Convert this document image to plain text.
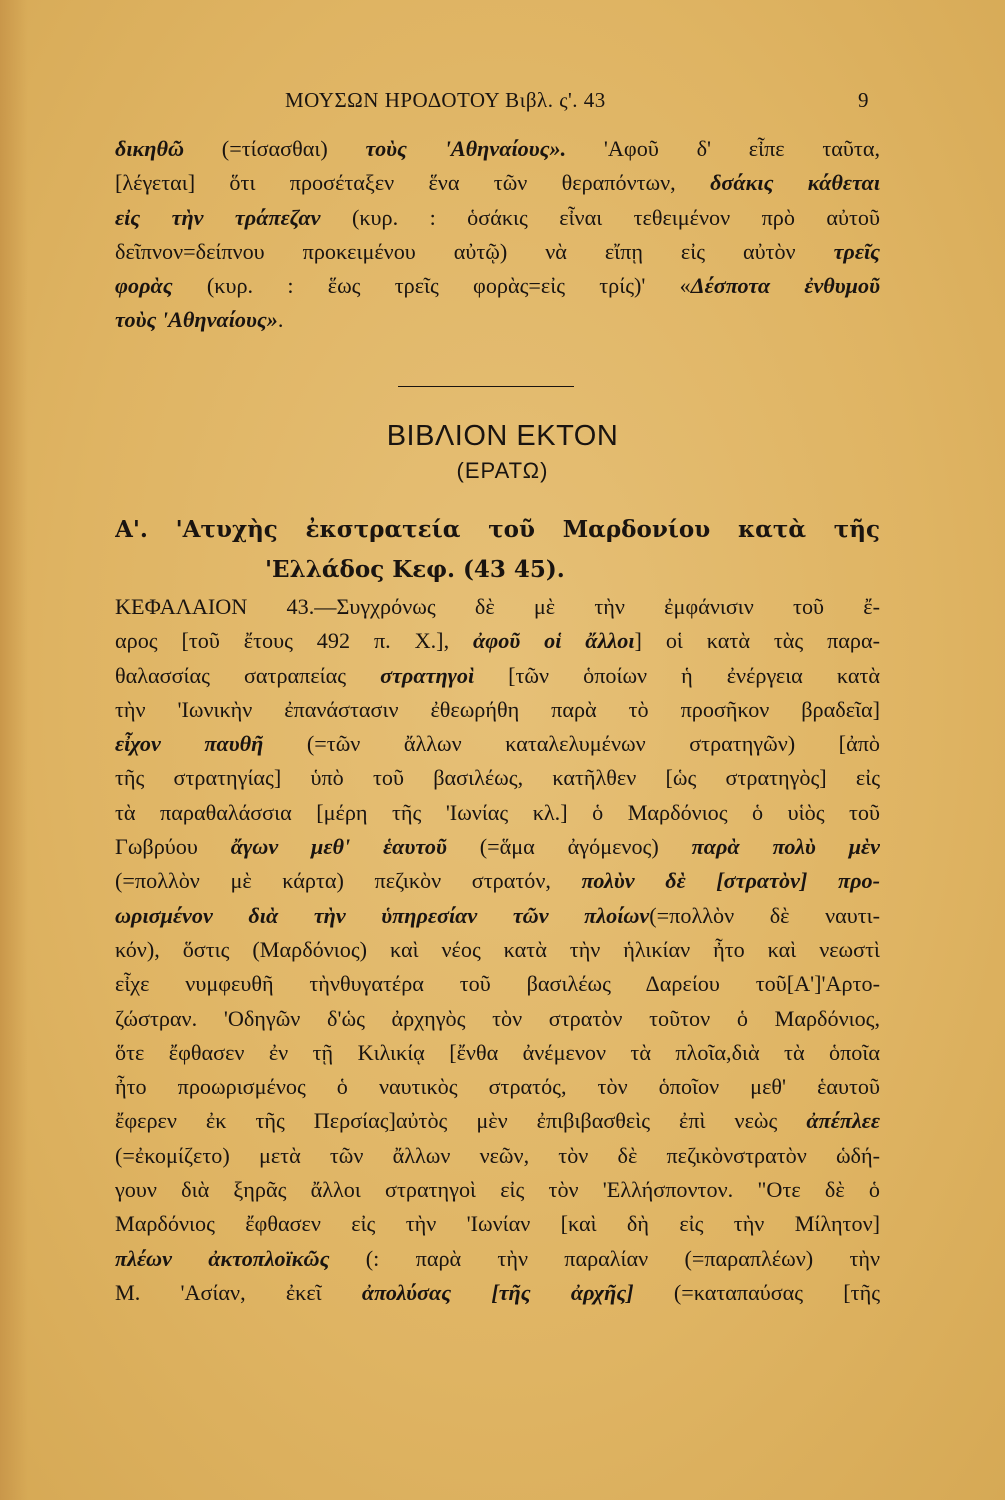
ΜΟΥΣΩΝ ΗΡΟΔΟΤΟΥ Βιβλ. ς'. 43	9
δικηθῶ (=τίσασθαι) τοὺς 'Αθηναίους». 'Αφοῦ δ' εἶπε ταῦτα,
[λέγεται] ὅτι προσέταξεν ἕνα τῶν θεραπόντων, δσάκις κάθεται
εἰς τὴν τράπεζαν (κυρ. : ὁσάκις εἶναι τεθειμένον πρὸ αὐτοῦ
δεῖπνον=δείπνου προκειμένου αὐτῷ) νὰ εἴπῃ εἰς αὐτὸν τρεῖς
φορὰς (κυρ. : ἕως τρεῖς φορὰς=εἰς τρίς)' «Δέσποτα ἐνθυμοῦ
τοὺς 'Αθηναίους».
ΒΙΒΛΙΟΝ ΕΚΤΟΝ
(ΕΡΑΤΩ)
Α'. 'Ατυχὴς ἐκστρατεία τοῦ Μαρδονίου κατὰ τῆς
'Ελλάδος Κεφ. (43 45).
ΚΕΦΑΛΑΙΟΝ 43.—Συγχρόνως δὲ μὲ τὴν ἐμφάνισιν τοῦ ἔ-
αρος [τοῦ ἔτους 492 π. Χ.], ἀφοῦ οἱ ἄλλοι] οἱ κατὰ τὰς παρα-
θαλασσίας σατραπείας στρατηγοὶ [τῶν ὁποίων ἡ ἐνέργεια κατὰ
τὴν 'Ιωνικὴν ἐπανάστασιν ἐθεωρήθη παρὰ τὸ προσῆκον βραδεῖα]
εἶχον παυθῆ (=τῶν ἄλλων καταλελυμένων στρατηγῶν) [ἀπὸ
τῆς στρατηγίας] ὑπὸ τοῦ βασιλέως, κατῆλθεν [ὡς στρατηγὸς] εἰς
τὰ παραθαλάσσια [μέρη τῆς 'Ιωνίας κλ.] ὁ Μαρδόνιος ὁ υἱὸς τοῦ
Γωβρύου ἄγων μεθ' ἑαυτοῦ (=ἅμα ἀγόμενος) παρὰ πολὺ μὲν
(=πολλὸν μὲ κάρτα) πεζικὸν στρατόν, πολὺν δὲ [στρατὸν] προ-
ωρισμένον διὰ τὴν ὑπηρεσίαν τῶν πλοίων(=πολλὸν δὲ ναυτι-
κόν), ὅστις (Μαρδόνιος) καὶ νέος κατὰ τὴν ἡλικίαν ἦτο καὶ νεωστὶ
εἶχε νυμφευθῆ τὴνθυγατέρα τοῦ βασιλέως Δαρείου τοῦ[Α']'Αρτο-
ζώστραν. 'Οδηγῶν δ'ὡς ἀρχηγὸς τὸν στρατὸν τοῦτον ὁ Μαρδόνιος,
ὅτε ἔφθασεν ἐν τῇ Κιλικίᾳ [ἔνθα ἀνέμενον τὰ πλοῖα,διὰ τὰ ὁποῖα
ἦτο προωρισμένος ὁ ναυτικὸς στρατός, τὸν ὁποῖον μεθ' ἑαυτοῦ
ἔφερεν ἐκ τῆς Περσίας]αὐτὸς μὲν ἐπιβιβασθεὶς ἐπὶ νεὼς ἀπέπλεε
(=ἐκομίζετο) μετὰ τῶν ἄλλων νεῶν, τὸν δὲ πεζικὸνστρατὸν ὡδή-
γουν διὰ ξηρᾶς ἄλλοι στρατηγοὶ εἰς τὸν 'Ελλήσποντον. "Οτε δὲ ὁ
Μαρδόνιος ἔφθασεν εἰς τὴν 'Ιωνίαν [καὶ δὴ εἰς τὴν Μίλητον]
πλέων ἀκτοπλοϊκῶς (: παρὰ τὴν παραλίαν (=παραπλέων) τὴν
Μ. 'Ασίαν, ἐκεῖ ἀπολύσας [τῆς ἀρχῆς] (=καταπαύσας [τῆς
